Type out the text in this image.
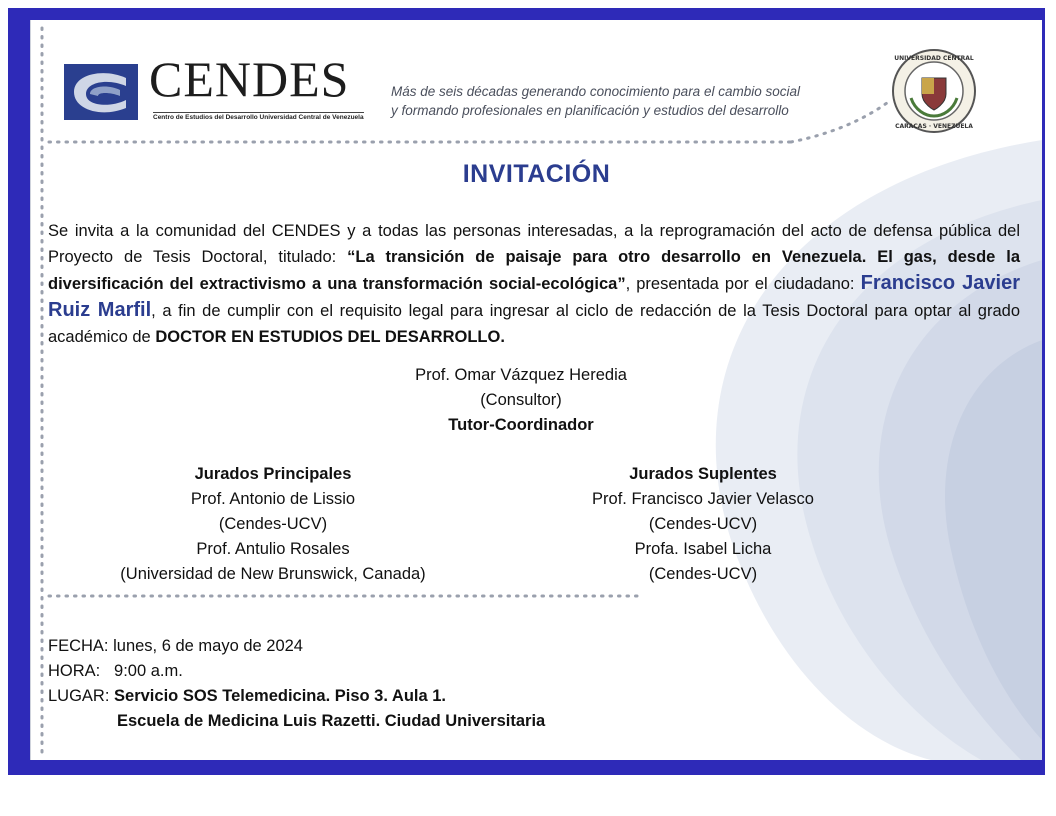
CENDES
Centro de Estudios del Desarrollo Universidad Central de Venezuela
Más de seis décadas generando conocimiento para el cambio social
y formando profesionales en planificación y estudios del desarrollo
UNIVERSIDAD CENTRAL
CARACAS · VENEZUELA
INVITACIÓN
Se invita a la comunidad del CENDES y a todas las personas interesadas, a la reprogramación del acto de defensa pública del Proyecto de Tesis Doctoral, titulado: “La transición de paisaje para otro desarrollo en Venezuela. El gas, desde la diversificación del extractivismo a una transformación social-ecológica”, presentada por el ciudadano: Francisco Javier Ruiz Marfil, a fin de cumplir con el requisito legal para ingresar al ciclo de redacción de la Tesis Doctoral para optar al grado académico de DOCTOR EN ESTUDIOS DEL DESARROLLO.
Prof. Omar Vázquez Heredia
(Consultor)
Tutor-Coordinador
Jurados Principales
Prof. Antonio de Lissio
(Cendes-UCV)
Prof. Antulio Rosales
(Universidad de New Brunswick, Canada)
Jurados Suplentes
Prof. Francisco Javier Velasco
(Cendes-UCV)
Profa. Isabel Licha
(Cendes-UCV)
FECHA: lunes, 6 de mayo de 2024
HORA:   9:00 a.m.
LUGAR: Servicio SOS Telemedicina. Piso 3. Aula 1.
Escuela de Medicina Luis Razetti. Ciudad Universitaria
